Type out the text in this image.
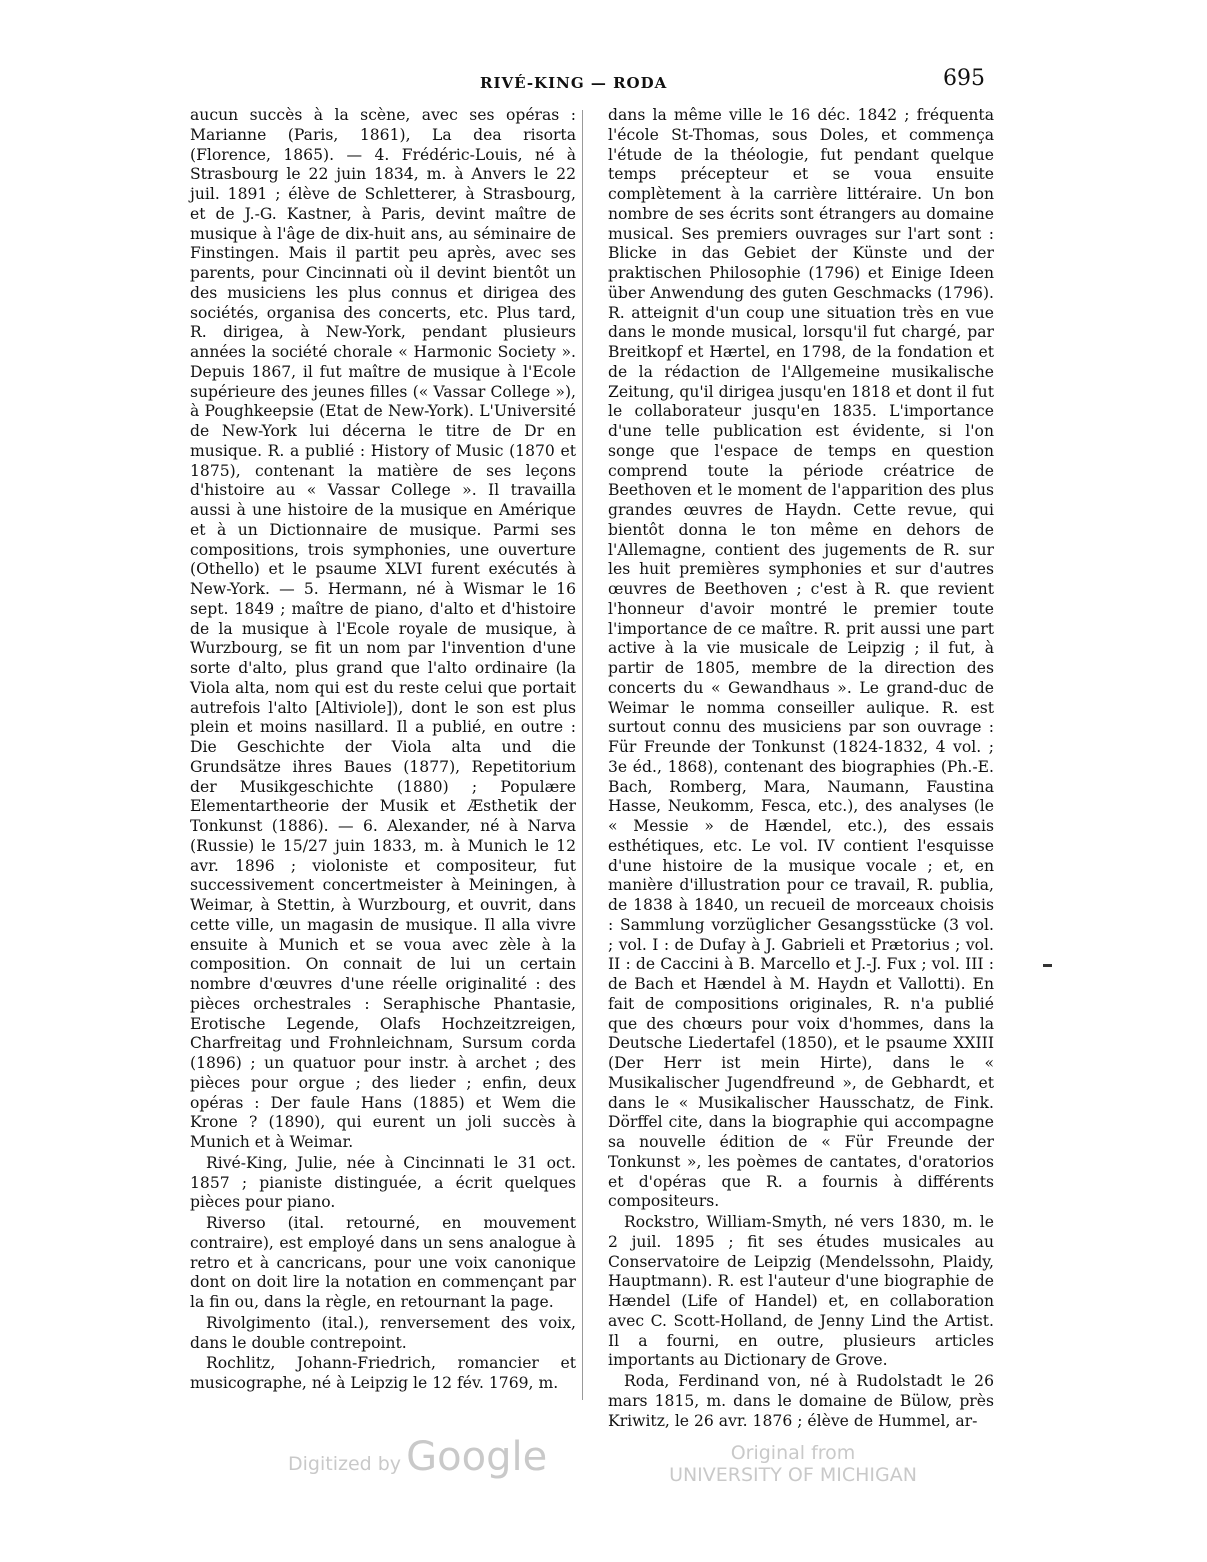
RIVÉ-KING — RODA	695

aucun succès à la scène, avec ses opéras : Marianne (Paris, 1861), La dea risorta (Florence, 1865). — 4. Frédéric-Louis, né à Strasbourg le 22 juin 1834, m. à Anvers le 22 juil. 1891 ; élève de Schletterer, à Strasbourg, et de J.-G. Kastner, à Paris, devint maître de musique à l'âge de dix-huit ans, au séminaire de Finstingen. Mais il partit peu après, avec ses parents, pour Cincinnati où il devint bientôt un des musiciens les plus connus et dirigea des sociétés, organisa des concerts, etc. Plus tard, R. dirigea, à New-York, pendant plusieurs années la société chorale « Harmonic Society ». Depuis 1867, il fut maître de musique à l'Ecole supérieure des jeunes filles (« Vassar College »), à Poughkeepsie (Etat de New-York). L'Université de New-York lui décerna le titre de Dr en musique. R. a publié : History of Music (1870 et 1875), contenant la matière de ses leçons d'histoire au « Vassar College ». Il travailla aussi à une histoire de la musique en Amérique et à un Dictionnaire de musique. Parmi ses compositions, trois symphonies, une ouverture (Othello) et le psaume XLVI furent exécutés à New-York. — 5. Hermann, né à Wismar le 16 sept. 1849 ; maître de piano, d'alto et d'histoire de la musique à l'Ecole royale de musique, à Wurzbourg, se fit un nom par l'invention d'une sorte d'alto, plus grand que l'alto ordinaire (la Viola alta, nom qui est du reste celui que portait autrefois l'alto [Altiviole]), dont le son est plus plein et moins nasillard. Il a publié, en outre : Die Geschichte der Viola alta und die Grundsätze ihres Baues (1877), Repetitorium der Musikgeschichte (1880) ; Populære Elementartheorie der Musik et Æsthetik der Tonkunst (1886). — 6. Alexander, né à Narva (Russie) le 15/27 juin 1833, m. à Munich le 12 avr. 1896 ; violoniste et compositeur, fut successivement concertmeister à Meiningen, à Weimar, à Stettin, à Wurzbourg, et ouvrit, dans cette ville, un magasin de musique. Il alla vivre ensuite à Munich et se voua avec zèle à la composition. On connait de lui un certain nombre d'œuvres d'une réelle originalité : des pièces orchestrales : Seraphische Phantasie, Erotische Legende, Olafs Hochzeitzreigen, Charfreitag und Frohnleichnam, Sursum corda (1896) ; un quatuor pour instr. à archet ; des pièces pour orgue ; des lieder ; enfin, deux opéras : Der faule Hans (1885) et Wem die Krone ? (1890), qui eurent un joli succès à Munich et à Weimar.

Rivé-King, Julie, née à Cincinnati le 31 oct. 1857 ; pianiste distinguée, a écrit quelques pièces pour piano.

Riverso (ital. retourné, en mouvement contraire), est employé dans un sens analogue à retro et à cancricans, pour une voix canonique dont on doit lire la notation en commençant par la fin ou, dans la règle, en retournant la page.

Rivolgimento (ital.), renversement des voix, dans le double contrepoint.

Rochlitz, Johann-Friedrich, romancier et musicographe, né à Leipzig le 12 fév. 1769, m.

dans la même ville le 16 déc. 1842 ; fréquenta l'école St-Thomas, sous Doles, et commença l'étude de la théologie, fut pendant quelque temps précepteur et se voua ensuite complètement à la carrière littéraire. Un bon nombre de ses écrits sont étrangers au domaine musical. Ses premiers ouvrages sur l'art sont : Blicke in das Gebiet der Künste und der praktischen Philosophie (1796) et Einige Ideen über Anwendung des guten Geschmacks (1796). R. atteignit d'un coup une situation très en vue dans le monde musical, lorsqu'il fut chargé, par Breitkopf et Hærtel, en 1798, de la fondation et de la rédaction de l'Allgemeine musikalische Zeitung, qu'il dirigea jusqu'en 1818 et dont il fut le collaborateur jusqu'en 1835. L'importance d'une telle publication est évidente, si l'on songe que l'espace de temps en question comprend toute la période créatrice de Beethoven et le moment de l'apparition des plus grandes œuvres de Haydn. Cette revue, qui bientôt donna le ton même en dehors de l'Allemagne, contient des jugements de R. sur les huit premières symphonies et sur d'autres œuvres de Beethoven ; c'est à R. que revient l'honneur d'avoir montré le premier toute l'importance de ce maître. R. prit aussi une part active à la vie musicale de Leipzig ; il fut, à partir de 1805, membre de la direction des concerts du « Gewandhaus ». Le grand-duc de Weimar le nomma conseiller aulique. R. est surtout connu des musiciens par son ouvrage : Für Freunde der Tonkunst (1824-1832, 4 vol. ; 3e éd., 1868), contenant des biographies (Ph.-E. Bach, Romberg, Mara, Naumann, Faustina Hasse, Neukomm, Fesca, etc.), des analyses (le « Messie » de Hændel, etc.), des essais esthétiques, etc. Le vol. IV contient l'esquisse d'une histoire de la musique vocale ; et, en manière d'illustration pour ce travail, R. publia, de 1838 à 1840, un recueil de morceaux choisis : Sammlung vorzüglicher Gesangsstücke (3 vol. ; vol. I : de Dufay à J. Gabrieli et Prætorius ; vol. II : de Caccini à B. Marcello et J.-J. Fux ; vol. III : de Bach et Hændel à M. Haydn et Vallotti). En fait de compositions originales, R. n'a publié que des chœurs pour voix d'hommes, dans la Deutsche Liedertafel (1850), et le psaume XXIII (Der Herr ist mein Hirte), dans le « Musikalischer Jugendfreund », de Gebhardt, et dans le « Musikalischer Hausschatz, de Fink. Dörffel cite, dans la biographie qui accompagne sa nouvelle édition de « Für Freunde der Tonkunst », les poèmes de cantates, d'oratorios et d'opéras que R. a fournis à différents compositeurs.

Rockstro, William-Smyth, né vers 1830, m. le 2 juil. 1895 ; fit ses études musicales au Conservatoire de Leipzig (Mendelssohn, Plaidy, Hauptmann). R. est l'auteur d'une biographie de Hændel (Life of Handel) et, en collaboration avec C. Scott-Holland, de Jenny Lind the Artist. Il a fourni, en outre, plusieurs articles importants au Dictionary de Grove.

Roda, Ferdinand von, né à Rudolstadt le 26 mars 1815, m. dans le domaine de Bülow, près Kriwitz, le 26 avr. 1876 ; élève de Hummel, ar-

Digitized by Google	Original from
UNIVERSITY OF MICHIGAN
